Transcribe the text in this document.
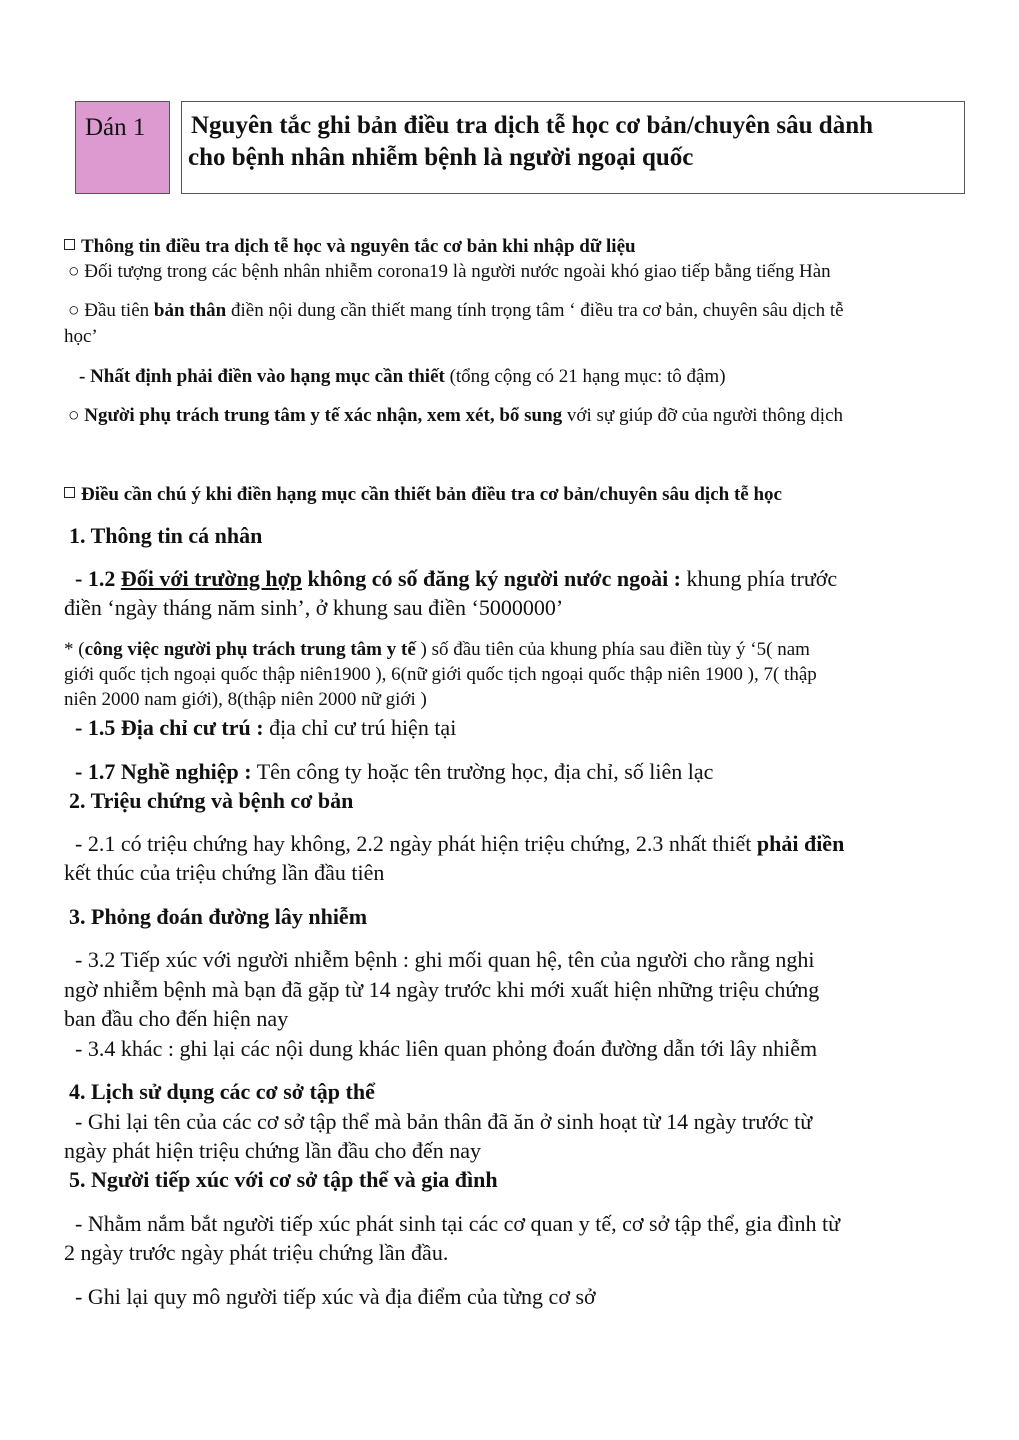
Dán 1	Nguyên tắc ghi bản điều tra dịch tễ học cơ bản/chuyên sâu dành
cho bệnh nhân nhiễm bệnh là người ngoại quốc
Thông tin điều tra dịch tễ học và nguyên tắc cơ bản khi nhập dữ liệu
○ Đối tượng trong các bệnh nhân nhiễm corona19 là người nước ngoài khó giao tiếp bằng tiếng Hàn
○ Đầu tiên bản thân điền nội dung cần thiết mang tính trọng tâm ‘ điều tra cơ bản, chuyên sâu dịch tễ
học’
- Nhất định phải điền vào hạng mục cần thiết (tổng cộng có 21 hạng mục: tô đậm)
○ Người phụ trách trung tâm y tế xác nhận, xem xét, bổ sung với sự giúp đỡ của người thông dịch
Điều cần chú ý khi điền hạng mục cần thiết bản điều tra cơ bản/chuyên sâu dịch tễ học
1. Thông tin cá nhân
- 1.2 Đối với trường hợp không có số đăng ký người nước ngoài : khung phía trước
điền ‘ngày tháng năm sinh’, ở khung sau điền ‘5000000’
* (công việc người phụ trách trung tâm y tế ) số đầu tiên của khung phía sau điền tùy ý ‘5( nam
giới quốc tịch ngoại quốc thập niên1900 ), 6(nữ giới quốc tịch ngoại quốc thập niên 1900 ), 7( thập
niên 2000 nam giới), 8(thập niên 2000 nữ giới )
- 1.5 Địa chỉ cư trú : địa chỉ cư trú hiện tại
- 1.7 Nghề nghiệp : Tên công ty hoặc tên trường học, địa chỉ, số liên lạc
2. Triệu chứng và bệnh cơ bản
- 2.1 có triệu chứng hay không, 2.2 ngày phát hiện triệu chứng, 2.3 nhất thiết phải điền
kết thúc của triệu chứng lần đầu tiên
3. Phỏng đoán đường lây nhiễm
- 3.2 Tiếp xúc với người nhiễm bệnh : ghi mối quan hệ, tên của người cho rằng nghi
ngờ nhiễm bệnh mà bạn đã gặp từ 14 ngày trước khi mới xuất hiện những triệu chứng
ban đầu cho đến hiện nay
- 3.4 khác : ghi lại các nội dung khác liên quan phỏng đoán đường dẫn tới lây nhiễm
4. Lịch sử dụng các cơ sở tập thể
- Ghi lại tên của các cơ sở tập thể mà bản thân đã ăn ở sinh hoạt từ 14 ngày trước từ
ngày phát hiện triệu chứng lần đầu cho đến nay
5. Người tiếp xúc với cơ sở tập thể và gia đình
- Nhằm nắm bắt người tiếp xúc phát sinh tại các cơ quan y tế, cơ sở tập thể, gia đình từ
2 ngày trước ngày phát triệu chứng lần đầu.
- Ghi lại quy mô người tiếp xúc và địa điểm của từng cơ sở
